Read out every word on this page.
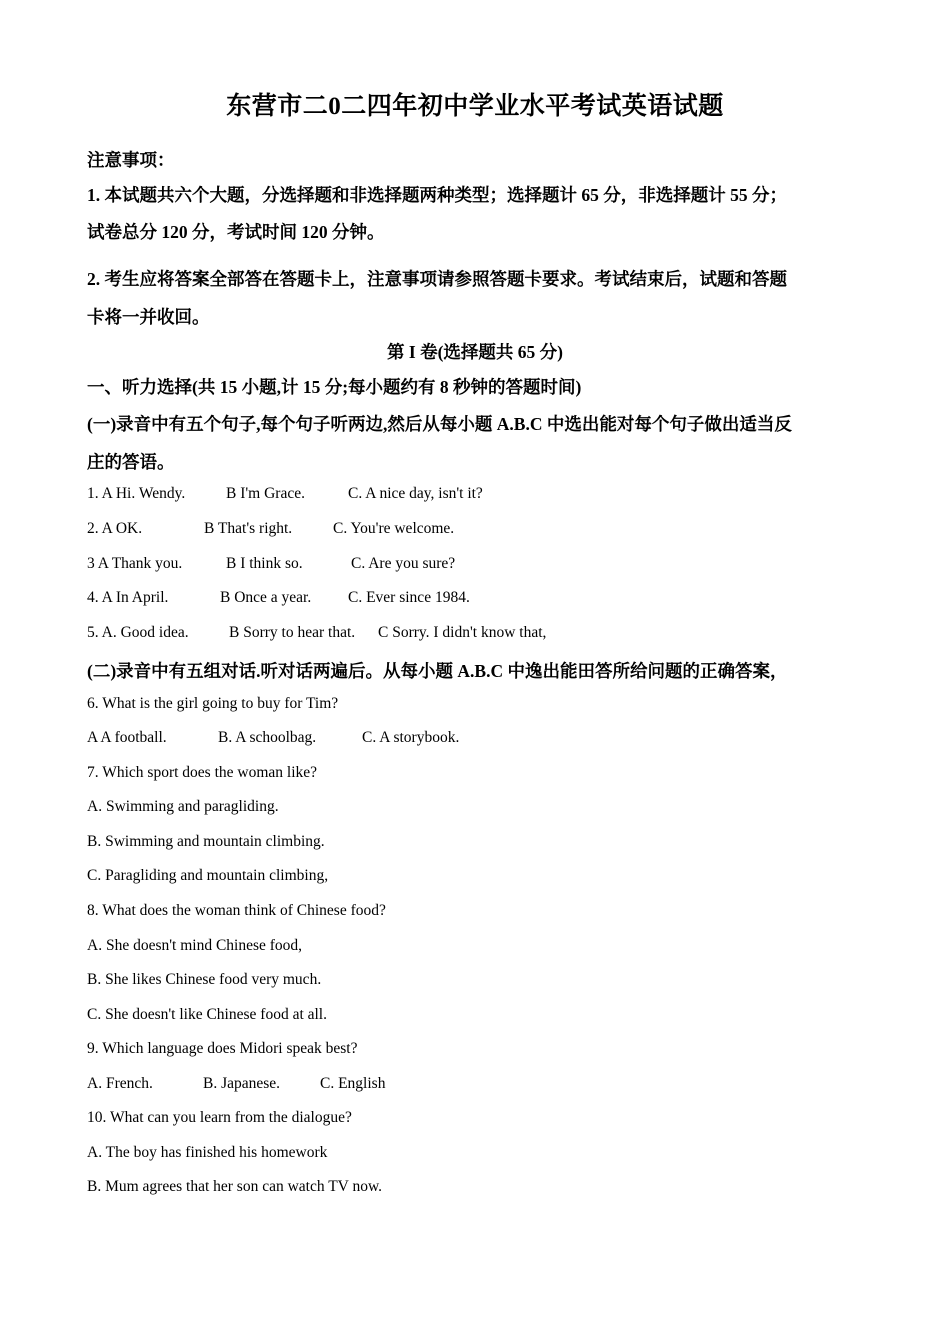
东营市二0二四年初中学业水平考试英语试题
注意事项：
1. 本试题共六个大题，分选择题和非选择题两种类型；选择题计 65 分，非选择题计 55 分；
试卷总分 120 分，考试时间 120 分钟。
2. 考生应将答案全部答在答题卡上，注意事项请参照答题卡要求。考试结束后，试题和答题
卡将一并收回。
第 I 卷(选择题共 65 分)
一、听力选择(共 15 小题,计 15 分;每小题约有 8 秒钟的答题时间)
(一)录音中有五个句子,每个句子听两边,然后从每小题 A.B.C 中选出能对每个句子做出适当反
庄的答语。
1. A Hi. Wendy.	B I'm Grace.	C. A nice day, isn't it?
2. A OK.	B That's right.	C. You're welcome.
3 A Thank you.	B I think so.	C. Are you sure?
4. A In April.	B Once a year. C. Ever since 1984.
5. A. Good idea.	B Sorry to hear that. C Sorry. I didn't know that,
(二)录音中有五组对话.听对话两遍后。从每小题 A.B.C 中逸出能田答所给问题的正确答案，
6. What is the girl going to buy for Tim?
A A football.	B. A schoolbag.	C. A storybook.
7. Which sport does the woman like?
A. Swimming and paragliding.
B. Swimming and mountain climbing.
C. Paragliding and mountain climbing,
8. What does the woman think of Chinese food?
A. She doesn't mind Chinese food,
B. She likes Chinese food very much.
C. She doesn't like Chinese food at all.
9. Which language does Midori speak best?
A. French.	B. Japanese.	C. English
10. What can you learn from the dialogue?
A. The boy has finished his homework
B. Mum agrees that her son can watch TV now.
